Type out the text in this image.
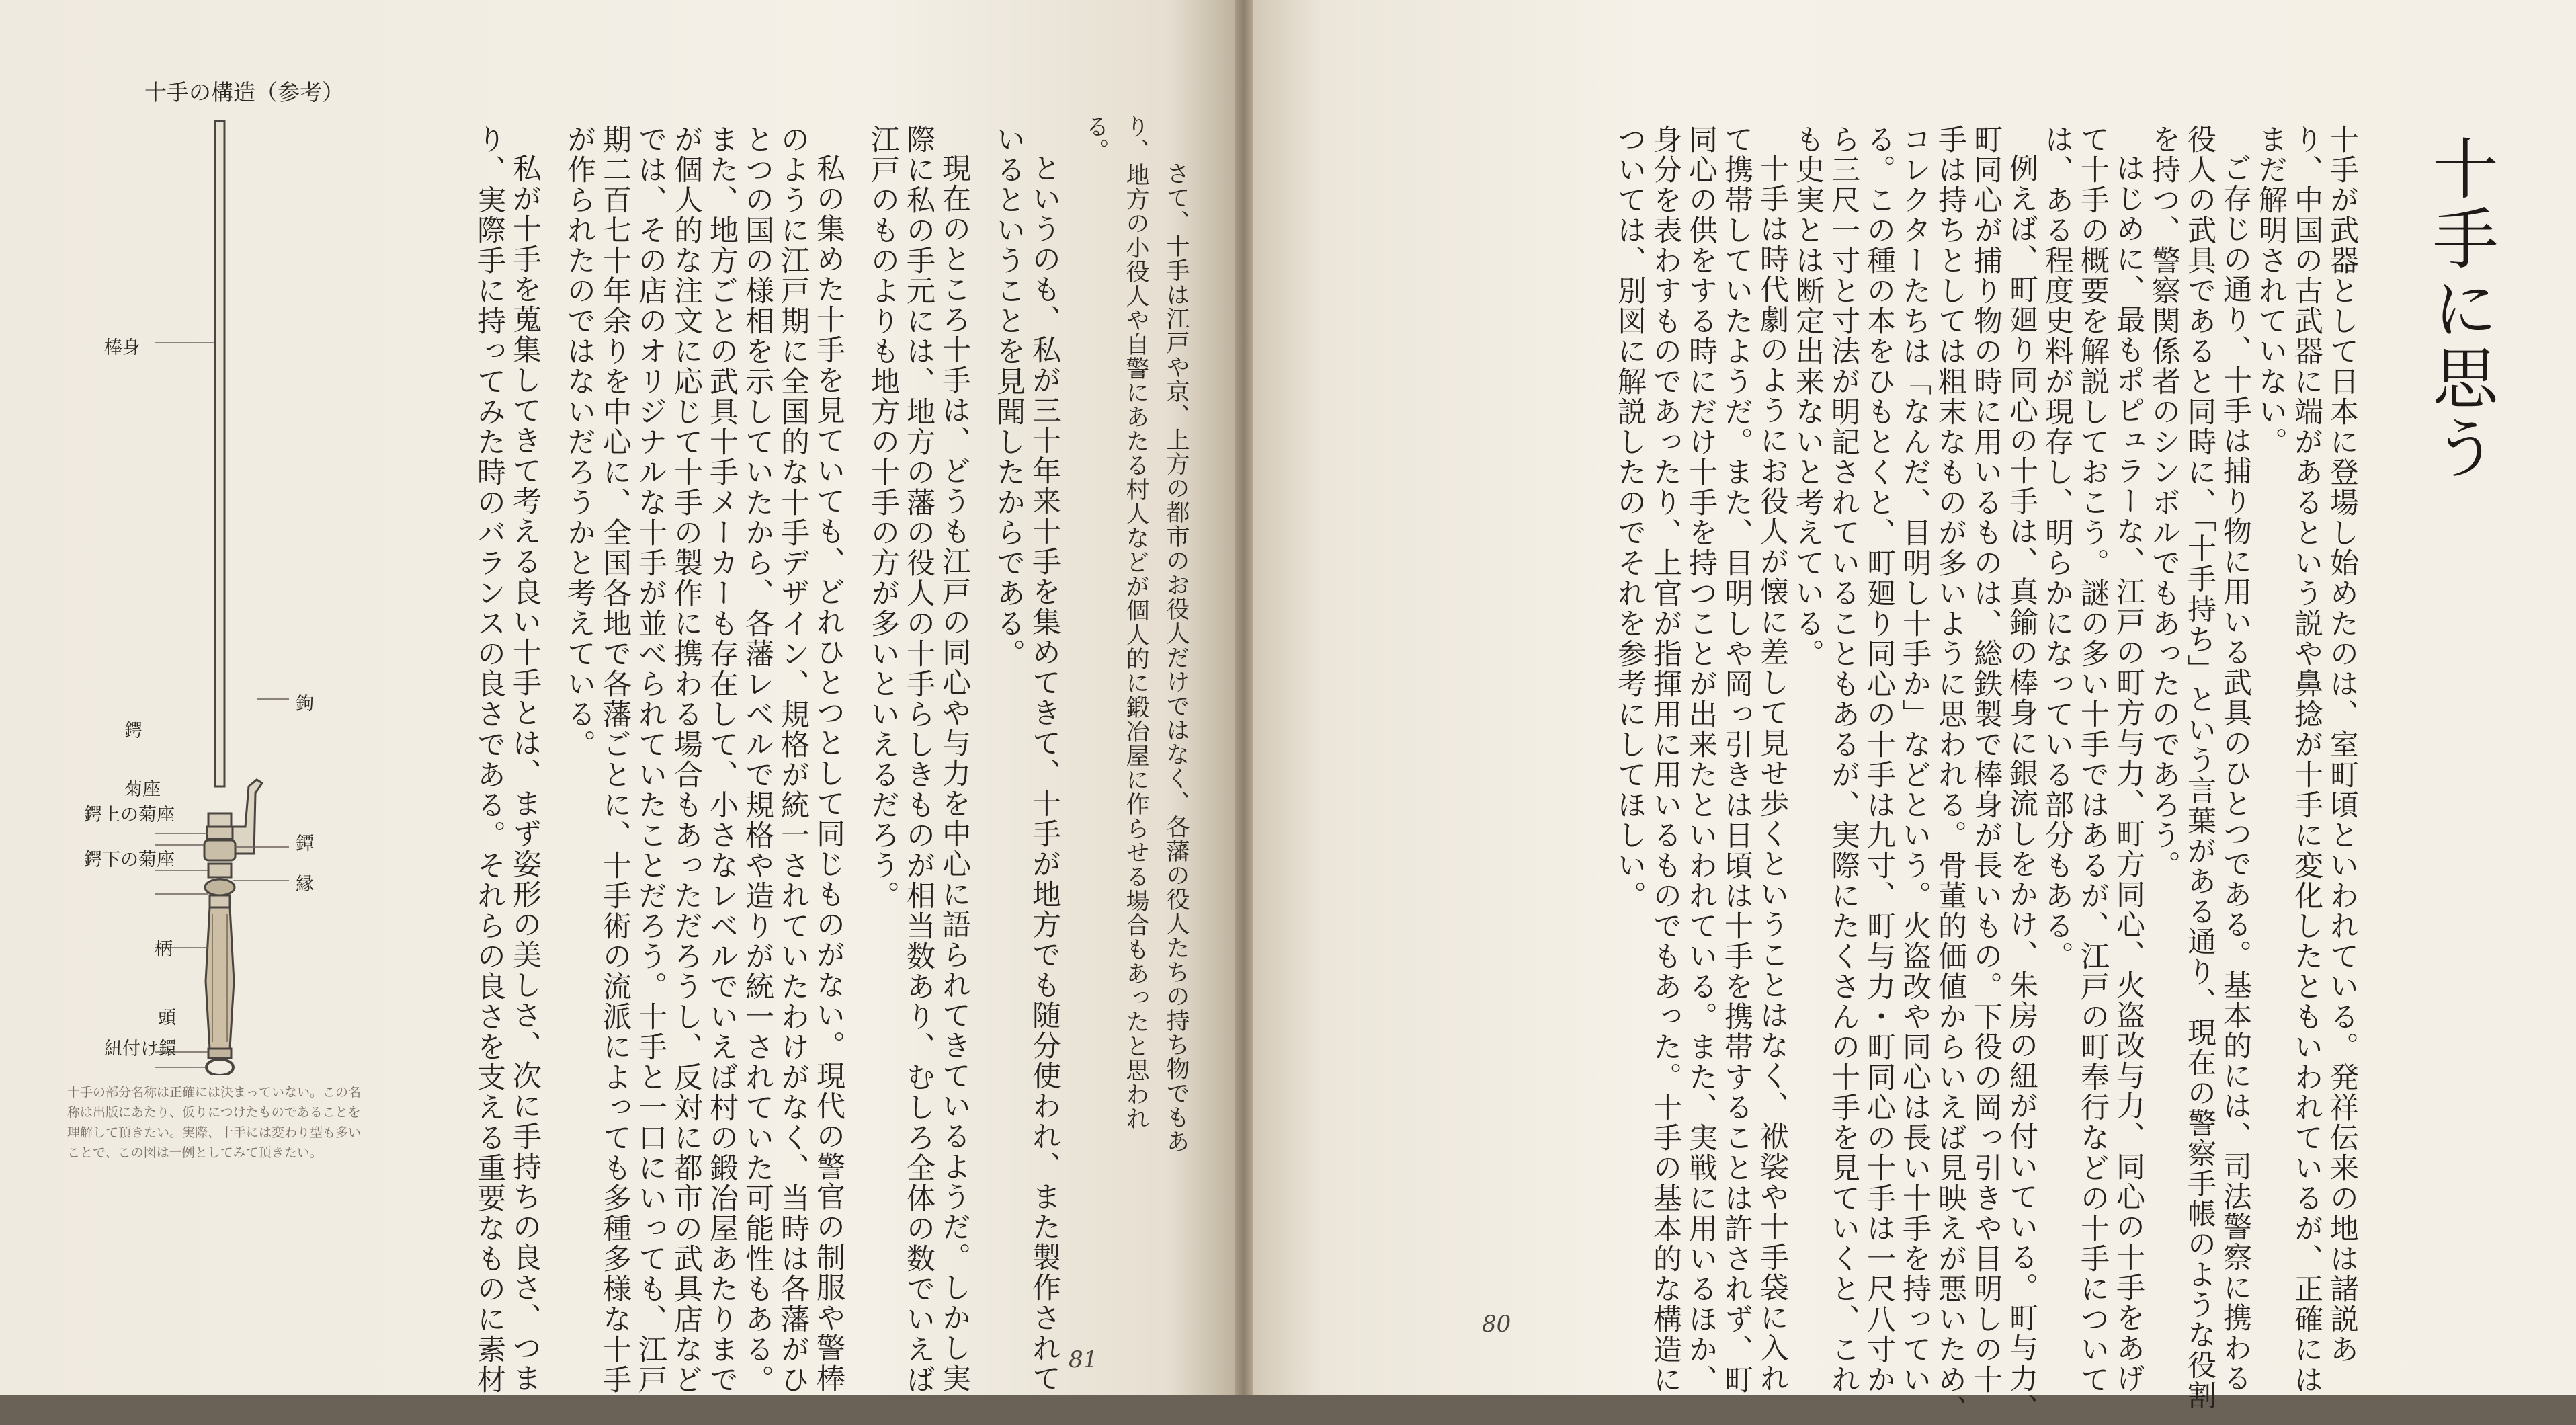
十手に思う
十手が武器として日本に登場し始めたのは、室町頃といわれている。発祥伝来の地は諸説あ
り、中国の古武器に端があるという説や鼻捻が十手に変化したともいわれているが、正確には
まだ解明されていない。
ご存じの通り、十手は捕り物に用いる武具のひとつである。基本的には、司法警察に携わる
役人の武具であると同時に、「十手持ち」という言葉がある通り、現在の警察手帳のような役割
を持つ、警察関係者のシンボルでもあったのであろう。
はじめに、最もポピュラーな、江戸の町方与力、町方同心、火盗改与力、同心の十手をあげ
て十手の概要を解説しておこう。謎の多い十手ではあるが、江戸の町奉行などの十手について
は、ある程度史料が現存し、明らかになっている部分もある。
例えば、町廻り同心の十手は、真鍮の棒身に銀流しをかけ、朱房の紐が付いている。町与力、
町同心が捕り物の時に用いるものは、総鉄製で棒身が長いもの。下役の岡っ引きや目明しの十
手は持ちとしては粗末なものが多いように思われる。骨董的価値からいえば見映えが悪いため、
コレクターたちは「なんだ、目明し十手か」などという。火盗改や同心は長い十手を持ってい
る。この種の本をひもとくと、町廻り同心の十手は九寸、町与力・町同心の十手は一尺八寸か
ら三尺一寸と寸法が明記されていることもあるが、実際にたくさんの十手を見ていくと、これ
も史実とは断定出来ないと考えている。
十手は時代劇のようにお役人が懐に差して見せ歩くということはなく、袱裟や十手袋に入れ
て携帯していたようだ。また、目明しや岡っ引きは日頃は十手を携帯することは許されず、町
同心の供をする時にだけ十手を持つことが出来たといわれている。また、実戦に用いるほか、
身分を表わすものであったり、上官が指揮用に用いるものでもあった。十手の基本的な構造に
ついては、別図に解説したのでそれを参考にしてほしい。
80
る。 り、地方の小役人や自警にあたる村人などが個人的に鍛冶屋に作らせる場合もあったと思われ さて、十手は江戸や京、上方の都市のお役人だけではなく、各藩の役人たちの持ち物でもあ
というのも、私が三十年来十手を集めてきて、十手が地方でも随分使われ、また製作されて
いるということを見聞したからである。
現在のところ十手は、どうも江戸の同心や与力を中心に語られてきているようだ。しかし実
際に私の手元には、地方の藩の役人の十手らしきものが相当数あり、むしろ全体の数でいえば
江戸のものよりも地方の十手の方が多いといえるだろう。
私の集めた十手を見ていても、どれひとつとして同じものがない。現代の警官の制服や警棒
のように江戸期に全国的な十手デザイン、規格が統一されていたわけがなく、当時は各藩がひ
とつの国の様相を示していたから、各藩レベルで規格や造りが統一されていた可能性もある。
また、地方ごとの武具十手メーカーも存在して、小さなレベルでいえば村の鍛冶屋あたりまで
が個人的な注文に応じて十手の製作に携わる場合もあっただろうし、反対に都市の武具店など
では、その店のオリジナルな十手が並べられていたことだろう。十手と一口にいっても、江戸
期二百七十年余りを中心に、全国各地で各藩ごとに、十手術の流派によっても多種多様な十手
が作られたのではないだろうかと考えている。
私が十手を蒐集してきて考える良い十手とは、まず姿形の美しさ、次に手持ちの良さ、つま
り、実際手に持ってみた時のバランスの良さである。それらの良さを支える重要なものに素材	81
十手の構造（参考）
棒身
鉤
鍔
菊座
鍔上の菊座
鐔
鍔下の菊座
縁
柄
頭
紐付け鐶
十手の部分名称は正確には決まっていない。この名称は出版にあたり、仮りにつけたものであることを理解して頂きたい。実際、十手には変わり型も多いことで、この図は一例としてみて頂きたい。
